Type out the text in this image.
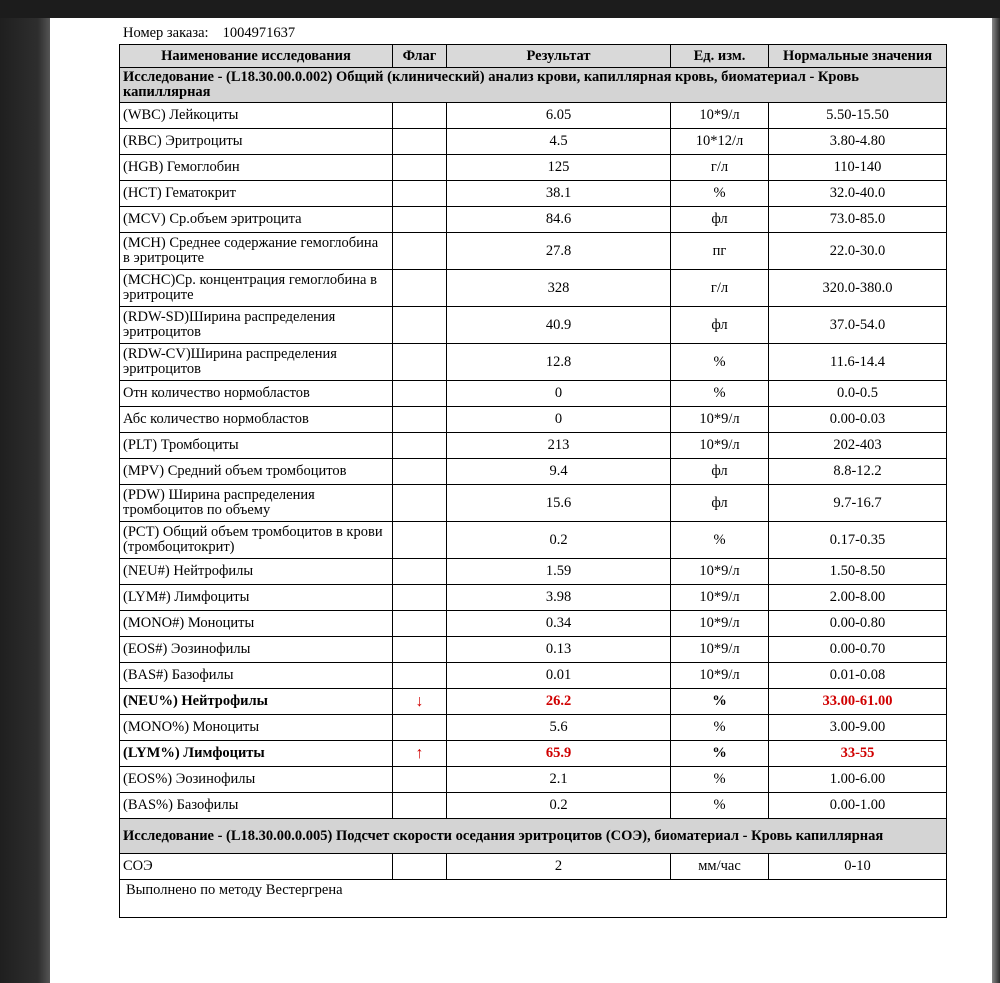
Номер заказа: 1004971637
Наименование исследования	Флаг	Результат	Ед. изм.	Нормальные значения
Исследование - (L18.30.00.0.002) Общий (клинический) анализ крови, капиллярная кровь, биоматериал - Кровь капиллярная				
(WBC) Лейкоциты		6.05	10*9/л	5.50-15.50
(RBC) Эритроциты		4.5	10*12/л	3.80-4.80
(HGB) Гемоглобин		125	г/л	110-140
(HCT) Гематокрит		38.1	%	32.0-40.0
(MCV) Ср.объем эритроцита		84.6	фл	73.0-85.0
(MCH) Среднее содержание гемоглобина в эритроците		27.8	пг	22.0-30.0
(MCHC)Ср. концентрация гемоглобина в эритроците		328	г/л	320.0-380.0
(RDW-SD)Ширина распределения эритроцитов		40.9	фл	37.0-54.0
(RDW-CV)Ширина распределения эритроцитов		12.8	%	11.6-14.4
Отн количество нормобластов		0	%	0.0-0.5
Абс количество нормобластов		0	10*9/л	0.00-0.03
(PLT) Тромбоциты		213	10*9/л	202-403
(MPV) Средний объем тромбоцитов		9.4	фл	8.8-12.2
(PDW) Ширина распределения тромбоцитов по объему		15.6	фл	9.7-16.7
(PCT) Общий объем тромбоцитов в крови (тромбоцитокрит)		0.2	%	0.17-0.35
(NEU#) Нейтрофилы		1.59	10*9/л	1.50-8.50
(LYM#) Лимфоциты		3.98	10*9/л	2.00-8.00
(MONO#) Моноциты		0.34	10*9/л	0.00-0.80
(EOS#) Эозинофилы		0.13	10*9/л	0.00-0.70
(BAS#) Базофилы		0.01	10*9/л	0.01-0.08
(NEU%) Нейтрофилы	↓	26.2	%	33.00-61.00
(MONO%) Моноциты		5.6	%	3.00-9.00
(LYM%) Лимфоциты	↑	65.9	%	33-55
(EOS%) Эозинофилы		2.1	%	1.00-6.00
(BAS%) Базофилы		0.2	%	0.00-1.00
Исследование - (L18.30.00.0.005) Подсчет скорости оседания эритроцитов (СОЭ), биоматериал - Кровь капиллярная				
СОЭ		2	мм/час	0-10
Выполнено по методу Вестергрена				
